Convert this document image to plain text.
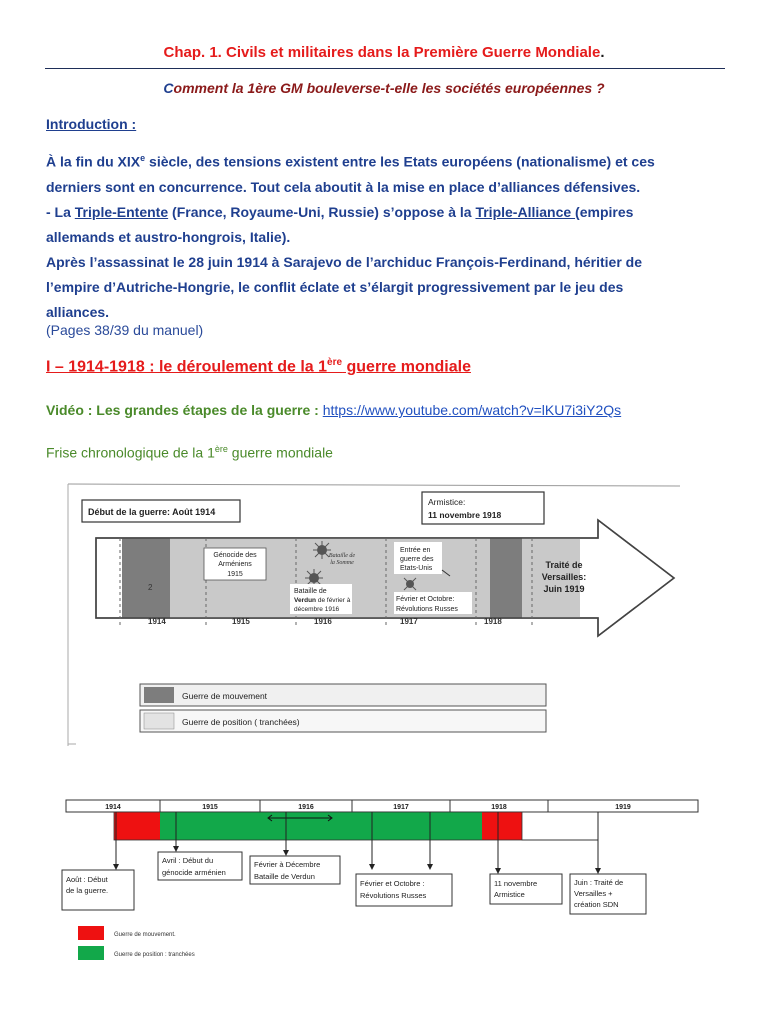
Chap. 1. Civils et militaires dans la Première Guerre Mondiale.
Comment la 1ère GM bouleverse-t-elle les sociétés européennes ?
Introduction :
À la fin du XIXe siècle, des tensions existent entre les Etats européens (nationalisme) et ces
derniers sont en concurrence. Tout cela aboutit à la mise en place d’alliances défensives.
- La Triple-Entente (France, Royaume-Uni, Russie) s’oppose à la Triple-Alliance (empires
allemands et austro-hongrois, Italie).
Après l’assassinat le 28 juin 1914 à Sarajevo de l’archiduc François-Ferdinand, héritier de
l’empire d’Autriche-Hongrie, le conflit éclate et s’élargit progressivement par le jeu des
alliances.
(Pages 38/39 du manuel)
I – 1914-1918 : le déroulement de la 1ère guerre mondiale
Vidéo : Les grandes étapes de la guerre : https://www.youtube.com/watch?v=lKU7i3iY2Qs
Frise chronologique de la 1ère guerre mondiale
1914	1915	1916	1917	1918
Début de la guerre: Août 1914
Armistice:
11 novembre 1918
Génocide des
Arméniens
1915
Bataille de
la Somme
Bataille de
Verdun de février à
décembre 1916
Entrée en
guerre des
Etats-Unis
Février et Octobre:
Révolutions Russes
Traité de
Versailles:
Juin 1919
2
Guerre de mouvement
Guerre de position ( tranchées)
1914	1915	1916	1917	1918	1919
Août : Début
de la guerre.
Avril : Début du
génocide arménien
Février à Décembre
Bataille de Verdun
Février et Octobre :
Révolutions Russes
11 novembre
Armistice
Juin : Traité de
Versailles +
création SDN
Guerre de mouvement.
Guerre de position : tranchées
